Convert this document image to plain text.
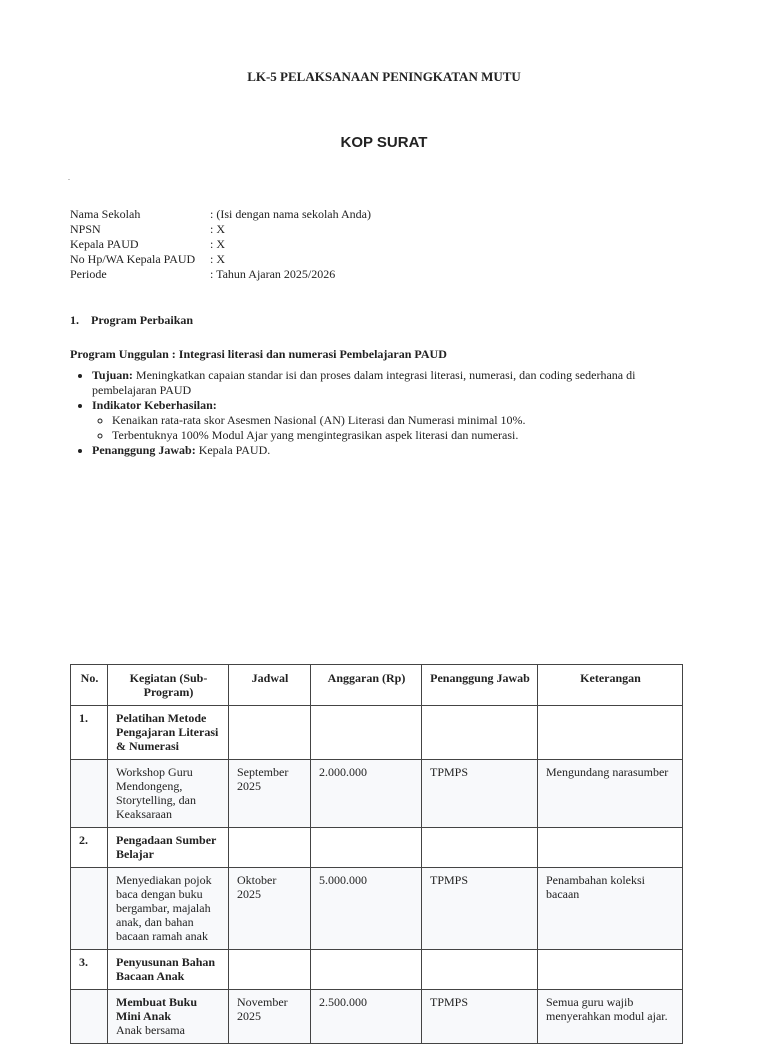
LK-5 PELAKSANAAN PENINGKATAN MUTU
KOP SURAT
.
Nama Sekolah	: (Isi dengan nama sekolah Anda)
NPSN	: X
Kepala PAUD	: X
No Hp/WA Kepala PAUD	: X
Periode	: Tahun Ajaran 2025/2026
1. Program Perbaikan
Program Unggulan : Integrasi literasi dan numerasi Pembelajaran PAUD
• Tujuan: Meningkatkan capaian standar isi dan proses dalam integrasi literasi, numerasi, dan coding sederhana di pembelajaran PAUD
• Indikator Keberhasilan:
◦ Kenaikan rata-rata skor Asesmen Nasional (AN) Literasi dan Numerasi minimal 10%.
◦ Terbentuknya 100% Modul Ajar yang mengintegrasikan aspek literasi dan numerasi.
• Penanggung Jawab: Kepala PAUD.
No.	Kegiatan (Sub-Program)	Jadwal	Anggaran (Rp)	Penanggung Jawab	Keterangan
1.	Pelatihan Metode Pengajaran Literasi & Numerasi				
	Workshop Guru Mendongeng, Storytelling, dan Keaksaraan	September 2025	2.000.000	TPMPS	Mengundang narasumber
2.	Pengadaan Sumber Belajar				
	Menyediakan pojok baca dengan buku bergambar, majalah anak, dan bahan bacaan ramah anak	Oktober 2025	5.000.000	TPMPS	Penambahan koleksi bacaan
3.	Penyusunan Bahan Bacaan Anak				
	Membuat Buku Mini Anak
Anak bersama	November 2025	2.500.000	TPMPS	Semua guru wajib menyerahkan modul ajar.
